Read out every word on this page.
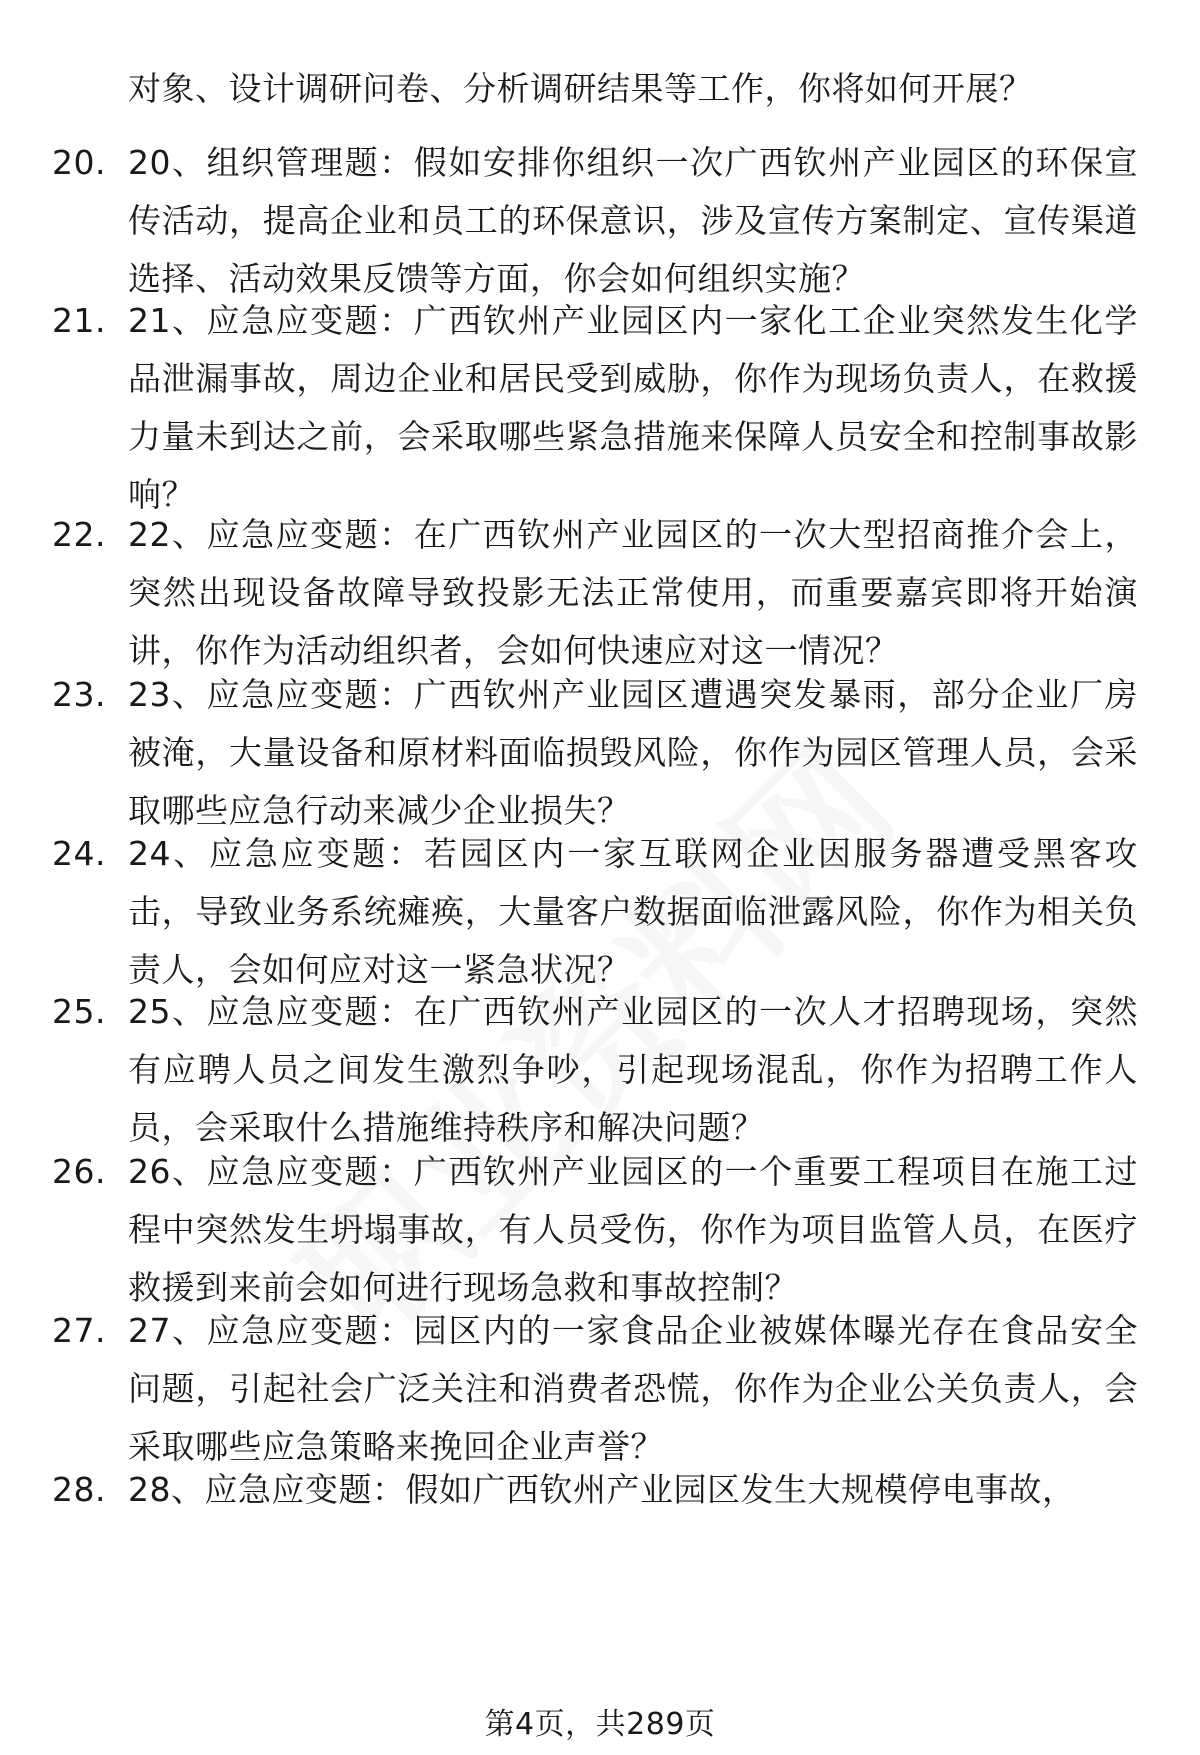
对象、设计调研问卷、分析调研结果等工作，你将如何开展？
20. 20、组织管理题：假如安排你组织一次广西钦州产业园区的环保宣传活动，提高企业和员工的环保意识，涉及宣传方案制定、宣传渠道选择、活动效果反馈等方面，你会如何组织实施？
21. 21、应急应变题：广西钦州产业园区内一家化工企业突然发生化学品泄漏事故，周边企业和居民受到威胁，你作为现场负责人，在救援力量未到达之前，会采取哪些紧急措施来保障人员安全和控制事故影响？
22. 22、应急应变题：在广西钦州产业园区的一次大型招商推介会上，突然出现设备故障导致投影无法正常使用，而重要嘉宾即将开始演讲，你作为活动组织者，会如何快速应对这一情况？
23. 23、应急应变题：广西钦州产业园区遭遇突发暴雨，部分企业厂房被淹，大量设备和原材料面临损毁风险，你作为园区管理人员，会采取哪些应急行动来减少企业损失？
24. 24、应急应变题：若园区内一家互联网企业因服务器遭受黑客攻击，导致业务系统瘫痪，大量客户数据面临泄露风险，你作为相关负责人，会如何应对这一紧急状况？
25. 25、应急应变题：在广西钦州产业园区的一次人才招聘现场，突然有应聘人员之间发生激烈争吵，引起现场混乱，你作为招聘工作人员，会采取什么措施维持秩序和解决问题？
26. 26、应急应变题：广西钦州产业园区的一个重要工程项目在施工过程中突然发生坍塌事故，有人员受伤，你作为项目监管人员，在医疗救援到来前会如何进行现场急救和事故控制？
27. 27、应急应变题：园区内的一家食品企业被媒体曝光存在食品安全问题，引起社会广泛关注和消费者恐慌，你作为企业公关负责人，会采取哪些应急策略来挽回企业声誉？
28. 28、应急应变题：假如广西钦州产业园区发生大规模停电事故，
第4页，共289页
